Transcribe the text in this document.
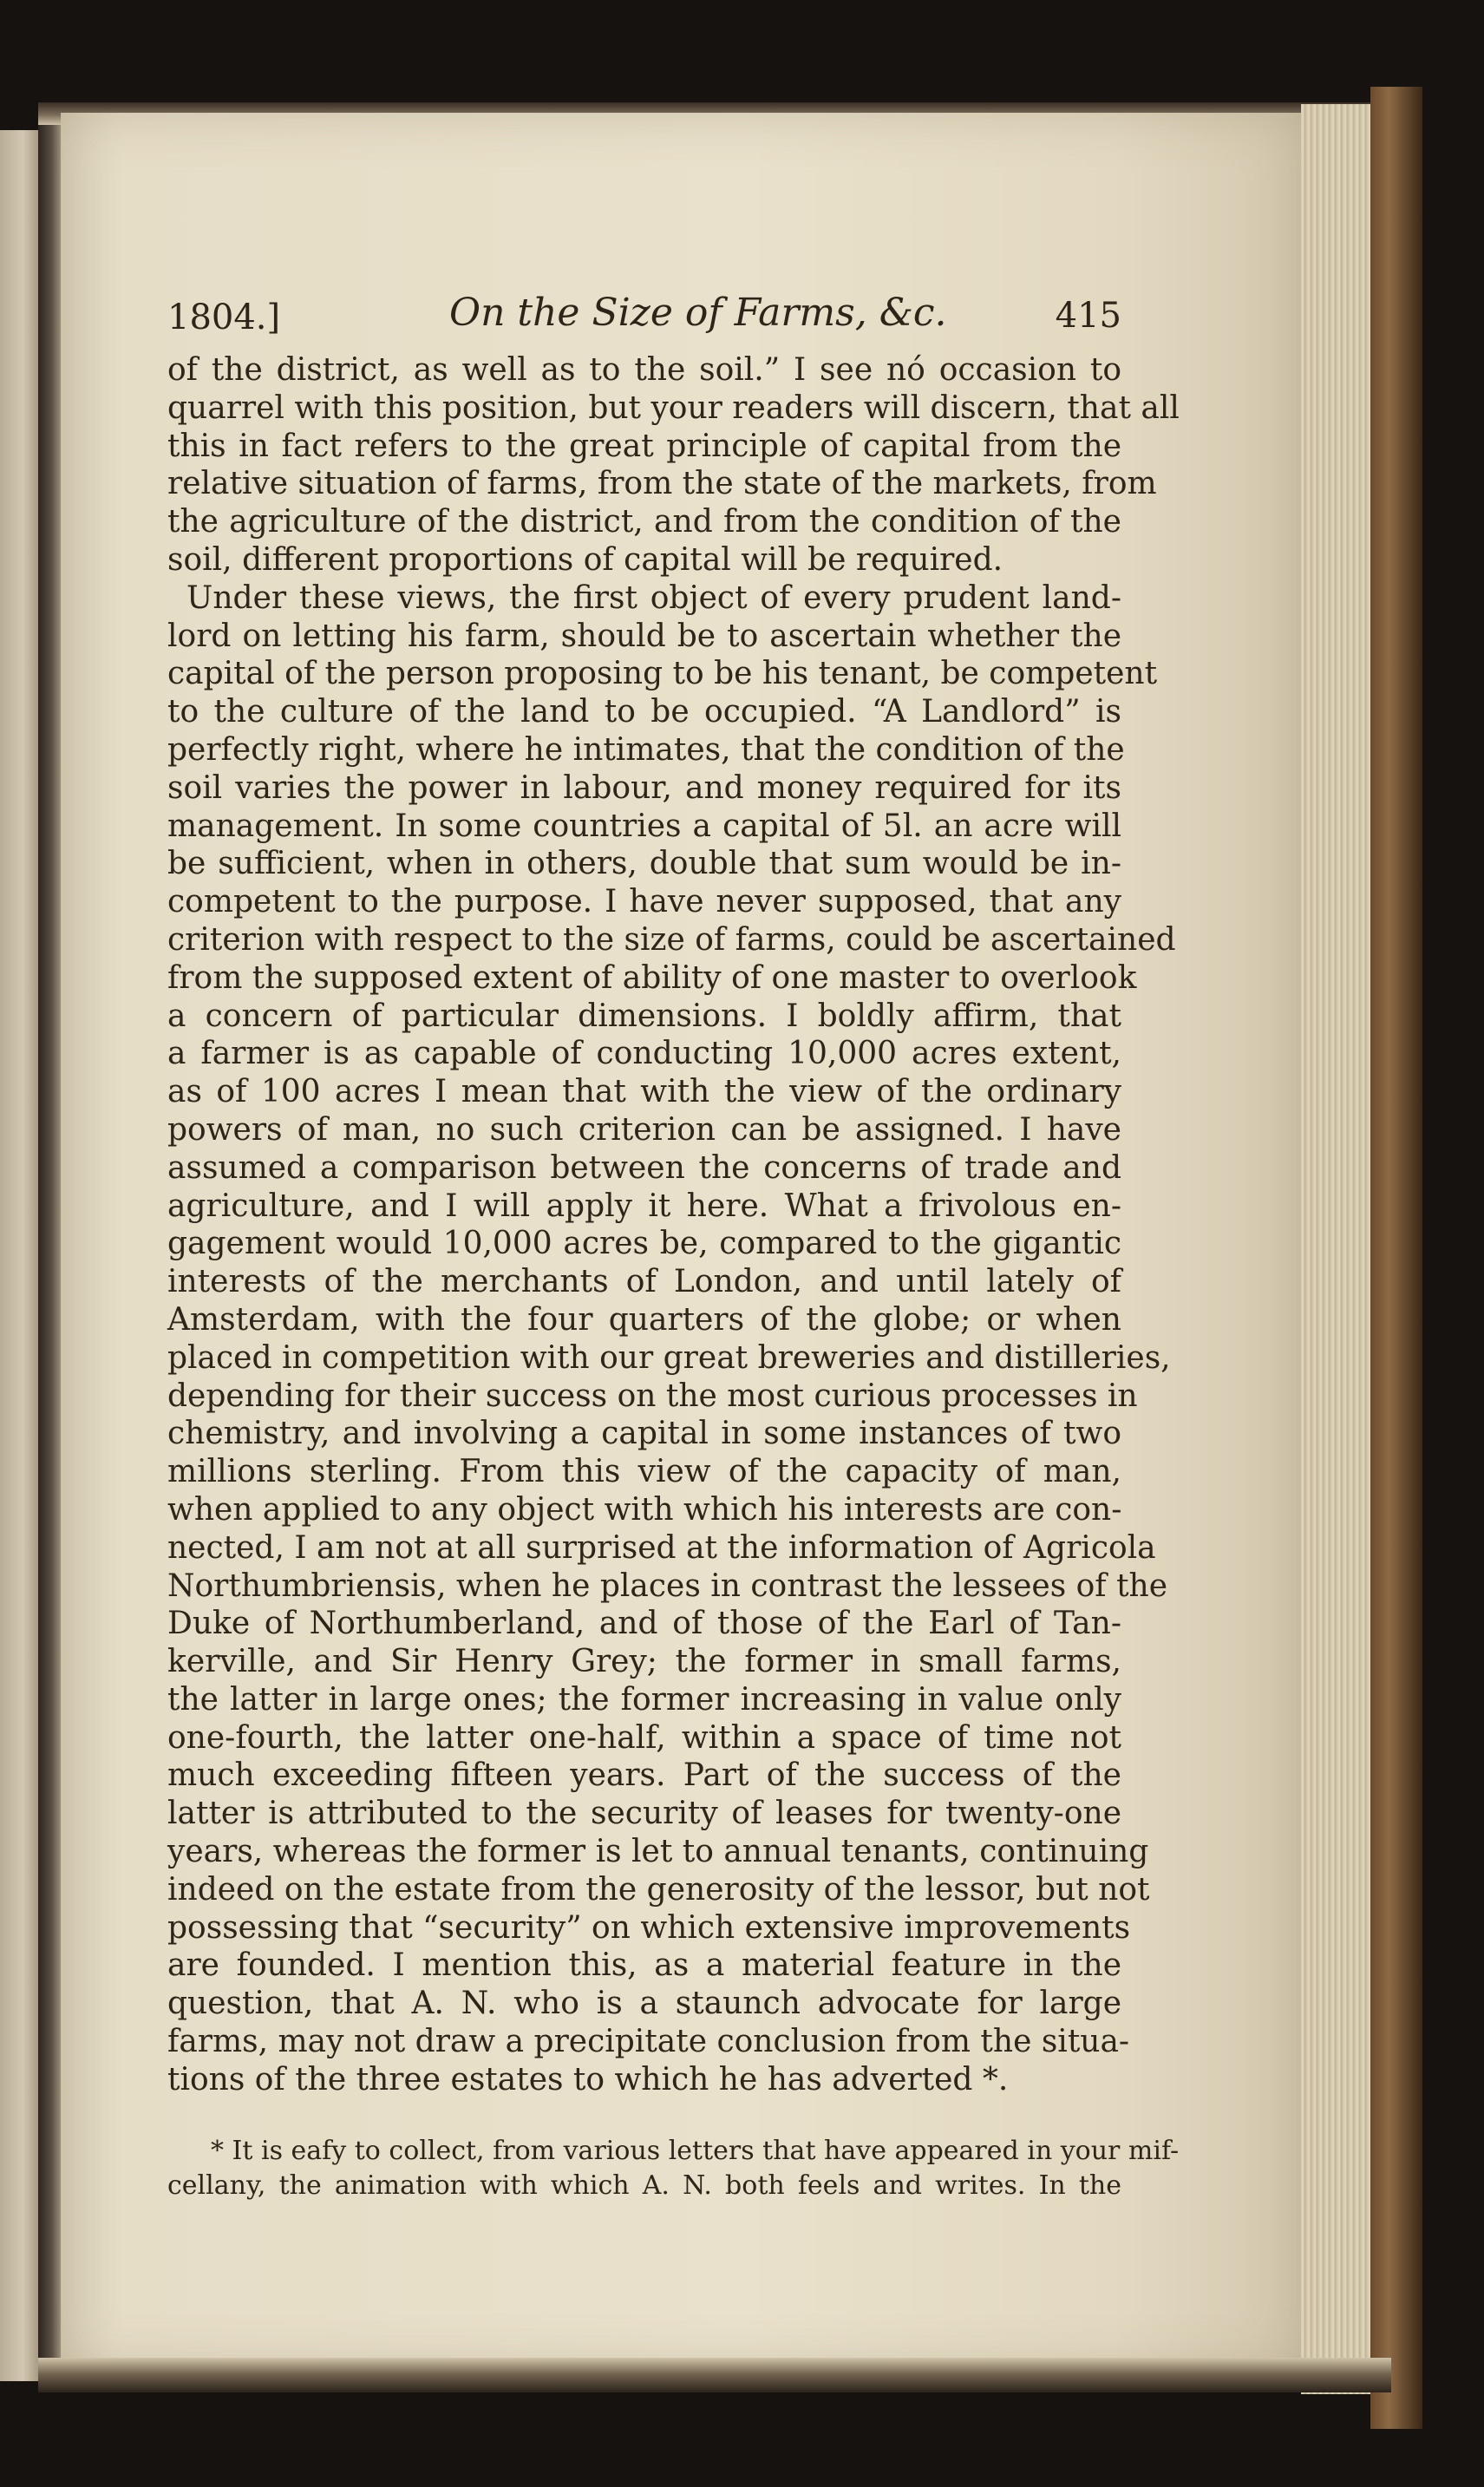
1804.]	On the Size of Farms, &c.	415
of the district, as well as to the soil.” I see nó occasion to
quarrel with this position, but your readers will discern, that all
this in fact refers to the great principle of capital from the
relative situation of farms, from the state of the markets, from
the agriculture of the district, and from the condition of the
soil, different proportions of capital will be required.
Under these views, the first object of every prudent land-
lord on letting his farm, should be to ascertain whether the
capital of the person proposing to be his tenant, be competent
to the culture of the land to be occupied. “A Landlord” is
perfectly right, where he intimates, that the condition of the
soil varies the power in labour, and money required for its
management. In some countries a capital of 5l. an acre will
be sufficient, when in others, double that sum would be in-
competent to the purpose. I have never supposed, that any
criterion with respect to the size of farms, could be ascertained
from the supposed extent of ability of one master to overlook
a concern of particular dimensions. I boldly affirm, that
a farmer is as capable of conducting 10,000 acres extent,
as of 100 acres I mean that with the view of the ordinary
powers of man, no such criterion can be assigned. I have
assumed a comparison between the concerns of trade and
agriculture, and I will apply it here. What a frivolous en-
gagement would 10,000 acres be, compared to the gigantic
interests of the merchants of London, and until lately of
Amsterdam, with the four quarters of the globe; or when
placed in competition with our great breweries and distilleries,
depending for their success on the most curious processes in
chemistry, and involving a capital in some instances of two
millions sterling. From this view of the capacity of man,
when applied to any object with which his interests are con-
nected, I am not at all surprised at the information of Agricola
Northumbriensis, when he places in contrast the lessees of the
Duke of Northumberland, and of those of the Earl of Tan-
kerville, and Sir Henry Grey; the former in small farms,
the latter in large ones; the former increasing in value only
one-fourth, the latter one-half, within a space of time not
much exceeding fifteen years. Part of the success of the
latter is attributed to the security of leases for twenty-one
years, whereas the former is let to annual tenants, continuing
indeed on the estate from the generosity of the lessor, but not
possessing that “security” on which extensive improvements
are founded. I mention this, as a material feature in the
question, that A. N. who is a staunch advocate for large
farms, may not draw a precipitate conclusion from the situa-
tions of the three estates to which he has adverted *.
* It is eafy to collect, from various letters that have appeared in your mif-
cellany, the animation with which A. N. both feels and writes. In the
